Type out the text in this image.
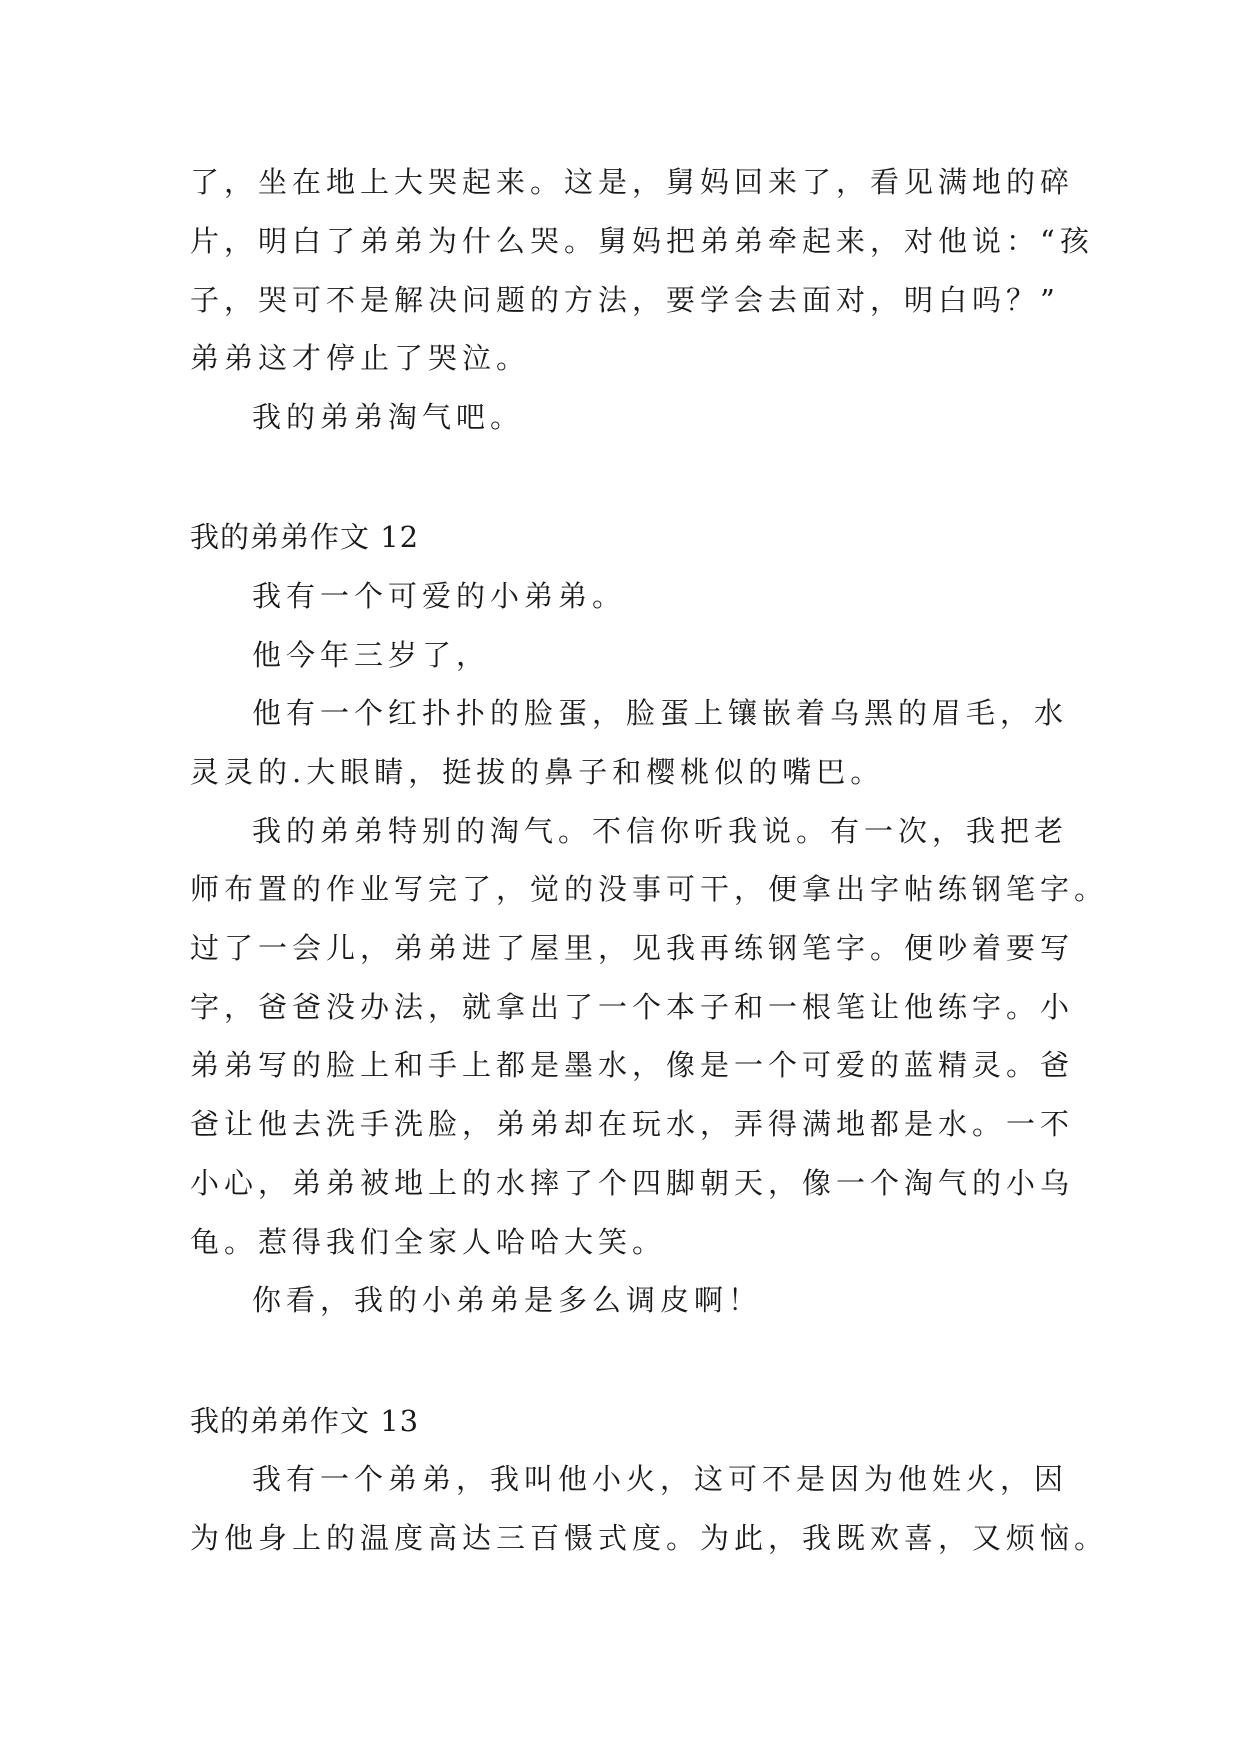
了，坐在地上大哭起来。这是，舅妈回来了，看见满地的碎
片，明白了弟弟为什么哭。舅妈把弟弟牵起来，对他说：“孩
子，哭可不是解决问题的方法，要学会去面对，明白吗？”
弟弟这才停止了哭泣。
我的弟弟淘气吧。
我的弟弟作文 12
我有一个可爱的小弟弟。
他今年三岁了，
他有一个红扑扑的脸蛋，脸蛋上镶嵌着乌黑的眉毛，水
灵灵的.大眼睛，挺拔的鼻子和樱桃似的嘴巴。
我的弟弟特别的淘气。不信你听我说。有一次，我把老
师布置的作业写完了，觉的没事可干，便拿出字帖练钢笔字。
过了一会儿，弟弟进了屋里，见我再练钢笔字。便吵着要写
字，爸爸没办法，就拿出了一个本子和一根笔让他练字。小
弟弟写的脸上和手上都是墨水，像是一个可爱的蓝精灵。爸
爸让他去洗手洗脸，弟弟却在玩水，弄得满地都是水。一不
小心，弟弟被地上的水摔了个四脚朝天，像一个淘气的小乌
龟。惹得我们全家人哈哈大笑。
你看，我的小弟弟是多么调皮啊！
我的弟弟作文 13
我有一个弟弟，我叫他小火，这可不是因为他姓火，因
为他身上的温度高达三百慑式度。为此，我既欢喜，又烦恼。
